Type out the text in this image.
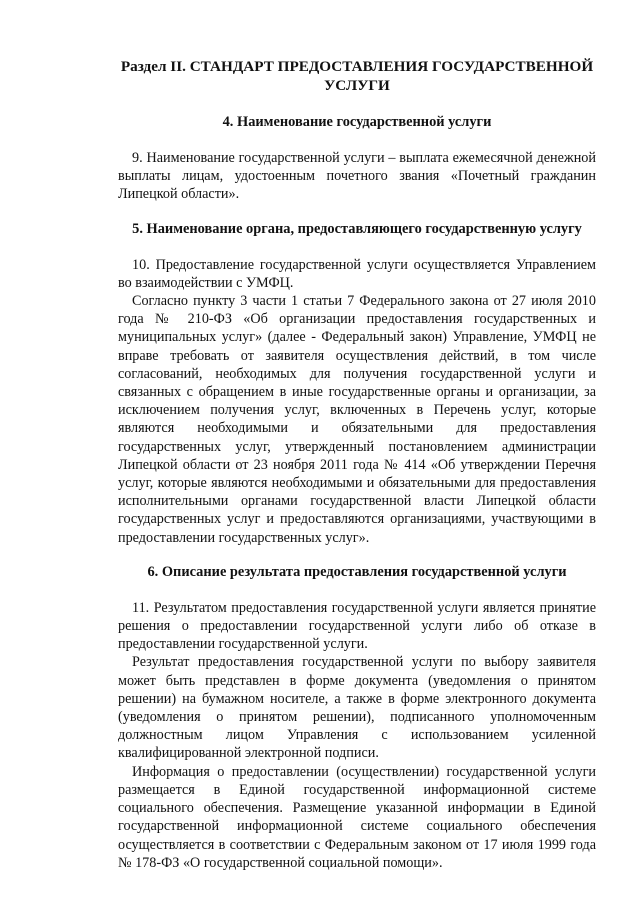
Раздел II. СТАНДАРТ ПРЕДОСТАВЛЕНИЯ ГОСУДАРСТВЕННОЙ УСЛУГИ
4. Наименование государственной услуги

9. Наименование государственной услуги – выплата ежемесячной денежной выплаты лицам, удостоенным почетного звания «Почетный гражданин Липецкой области».

5. Наименование органа, предоставляющего государственную услугу

10. Предоставление государственной услуги осуществляется Управлением во взаимодействии с УМФЦ.

Согласно пункту 3 части 1 статьи 7 Федерального закона от 27 июля 2010 года № 210-ФЗ «Об организации предоставления государственных и муниципальных услуг» (далее - Федеральный закон) Управление, УМФЦ не вправе требовать от заявителя осуществления действий, в том числе согласований, необходимых для получения государственной услуги и связанных с обращением в иные государственные органы и организации, за исключением получения услуг, включенных в Перечень услуг, которые являются необходимыми и обязательными для предоставления государственных услуг, утвержденный постановлением администрации Липецкой области от 23 ноября 2011 года № 414 «Об утверждении Перечня услуг, которые являются необходимыми и обязательными для предоставления исполнительными органами государственной власти Липецкой области государственных услуг и предоставляются организациями, участвующими в предоставлении государственных услуг».

6. Описание результата предоставления государственной услуги

11. Результатом предоставления государственной услуги является принятие решения о предоставлении государственной услуги либо об отказе в предоставлении государственной услуги.

Результат предоставления государственной услуги по выбору заявителя может быть представлен в форме документа (уведомления о принятом решении) на бумажном носителе, а также в форме электронного документа (уведомления о принятом решении), подписанного уполномоченным должностным лицом Управления с использованием усиленной квалифицированной электронной подписи.

Информация о предоставлении (осуществлении) государственной услуги размещается в Единой государственной информационной системе социального обеспечения. Размещение указанной информации в Единой государственной информационной системе социального обеспечения осуществляется в соответствии с Федеральным законом от 17 июля 1999 года № 178-ФЗ «О государственной социальной помощи».
